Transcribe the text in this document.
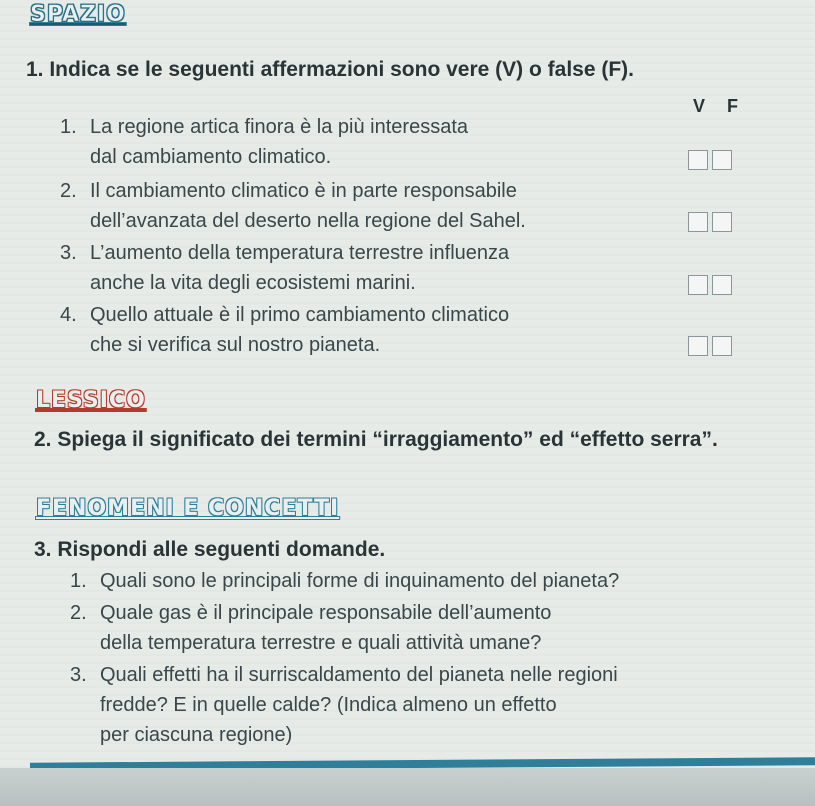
SPAZIO
1. Indica se le seguenti affermazioni sono vere (V) o false (F).
V F
1. La regione artica finora è la più interessata
dal cambiamento climatico.
2. Il cambiamento climatico è in parte responsabile
dell’avanzata del deserto nella regione del Sahel.
3. L’aumento della temperatura terrestre influenza
anche la vita degli ecosistemi marini.
4. Quello attuale è il primo cambiamento climatico
che si verifica sul nostro pianeta.
LESSICO
2. Spiega il significato dei termini “irraggiamento” ed “effetto serra”.
FENOMENI E CONCETTI
3. Rispondi alle seguenti domande.
1. Quali sono le principali forme di inquinamento del pianeta?
2. Quale gas è il principale responsabile dell’aumento
della temperatura terrestre e quali attività umane?
3. Quali effetti ha il surriscaldamento del pianeta nelle regioni
fredde? E in quelle calde? (Indica almeno un effetto
per ciascuna regione)
